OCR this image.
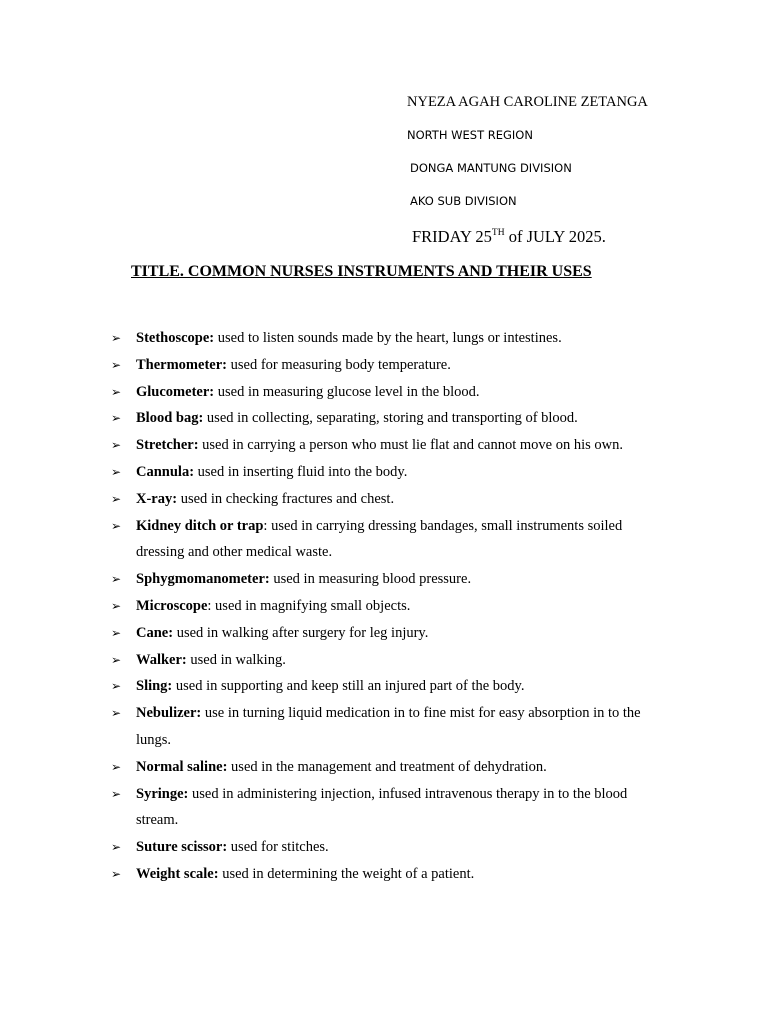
NYEZA AGAH CAROLINE ZETANGA
NORTH WEST REGION
DONGA MANTUNG DIVISION
AKO SUB DIVISION
FRIDAY 25TH of JULY 2025.
TITLE. COMMON NURSES INSTRUMENTS AND THEIR USES
➢ Stethoscope: used to listen sounds made by the heart, lungs or intestines.
➢ Thermometer: used for measuring body temperature.
➢ Glucometer: used in measuring glucose level in the blood.
➢ Blood bag: used in collecting, separating, storing and transporting of blood.
➢ Stretcher: used in carrying a person who must lie flat and cannot move on his own.
➢ Cannula: used in inserting fluid into the body.
➢ X-ray: used in checking fractures and chest.
➢ Kidney ditch or trap: used in carrying dressing bandages, small instruments soiled dressing and other medical waste.
➢ Sphygmomanometer: used in measuring blood pressure.
➢ Microscope: used in magnifying small objects.
➢ Cane: used in walking after surgery for leg injury.
➢ Walker: used in walking.
➢ Sling: used in supporting and keep still an injured part of the body.
➢ Nebulizer: use in turning liquid medication in to fine mist for easy absorption in to the lungs.
➢ Normal saline: used in the management and treatment of dehydration.
➢ Syringe: used in administering injection, infused intravenous therapy in to the blood stream.
➢ Suture scissor: used for stitches.
➢ Weight scale: used in determining the weight of a patient.
